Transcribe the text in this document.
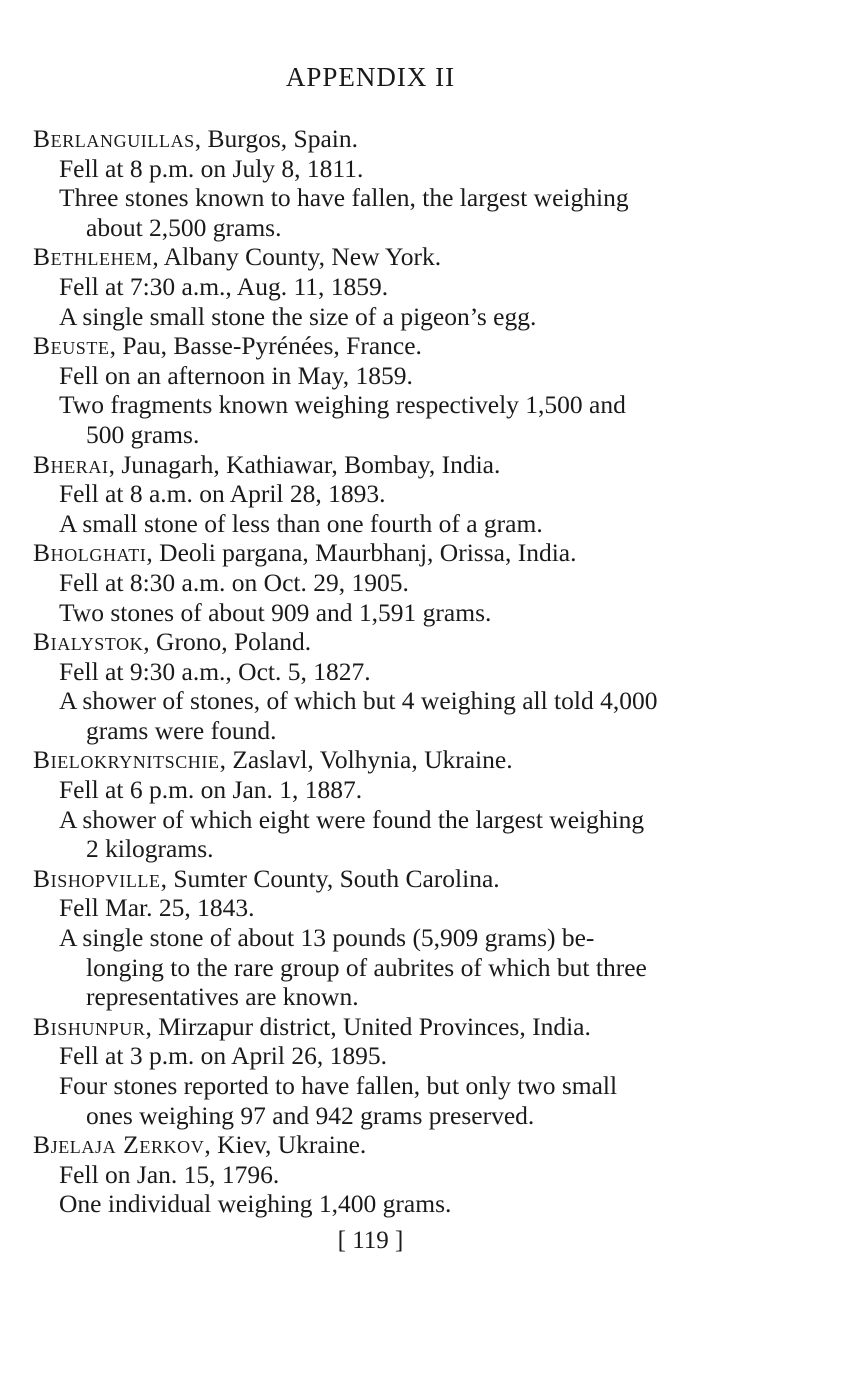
APPENDIX II
Berlanguillas, Burgos, Spain.
Fell at 8 p.m. on July 8, 1811.
Three stones known to have fallen, the largest weighing
about 2,500 grams.
Bethlehem, Albany County, New York.
Fell at 7:30 a.m., Aug. 11, 1859.
A single small stone the size of a pigeon’s egg.
Beuste, Pau, Basse-Pyrénées, France.
Fell on an afternoon in May, 1859.
Two fragments known weighing respectively 1,500 and
500 grams.
Bherai, Junagarh, Kathiawar, Bombay, India.
Fell at 8 a.m. on April 28, 1893.
A small stone of less than one fourth of a gram.
Bholghati, Deoli pargana, Maurbhanj, Orissa, India.
Fell at 8:30 a.m. on Oct. 29, 1905.
Two stones of about 909 and 1,591 grams.
Bialystok, Grono, Poland.
Fell at 9:30 a.m., Oct. 5, 1827.
A shower of stones, of which but 4 weighing all told 4,000
grams were found.
Bielokrynitschie, Zaslavl, Volhynia, Ukraine.
Fell at 6 p.m. on Jan. 1, 1887.
A shower of which eight were found the largest weighing
2 kilograms.
Bishopville, Sumter County, South Carolina.
Fell Mar. 25, 1843.
A single stone of about 13 pounds (5,909 grams) be-
longing to the rare group of aubrites of which but three
representatives are known.
Bishunpur, Mirzapur district, United Provinces, India.
Fell at 3 p.m. on April 26, 1895.
Four stones reported to have fallen, but only two small
ones weighing 97 and 942 grams preserved.
Bjelaja Zerkov, Kiev, Ukraine.
Fell on Jan. 15, 1796.
One individual weighing 1,400 grams.
[ 119 ]
